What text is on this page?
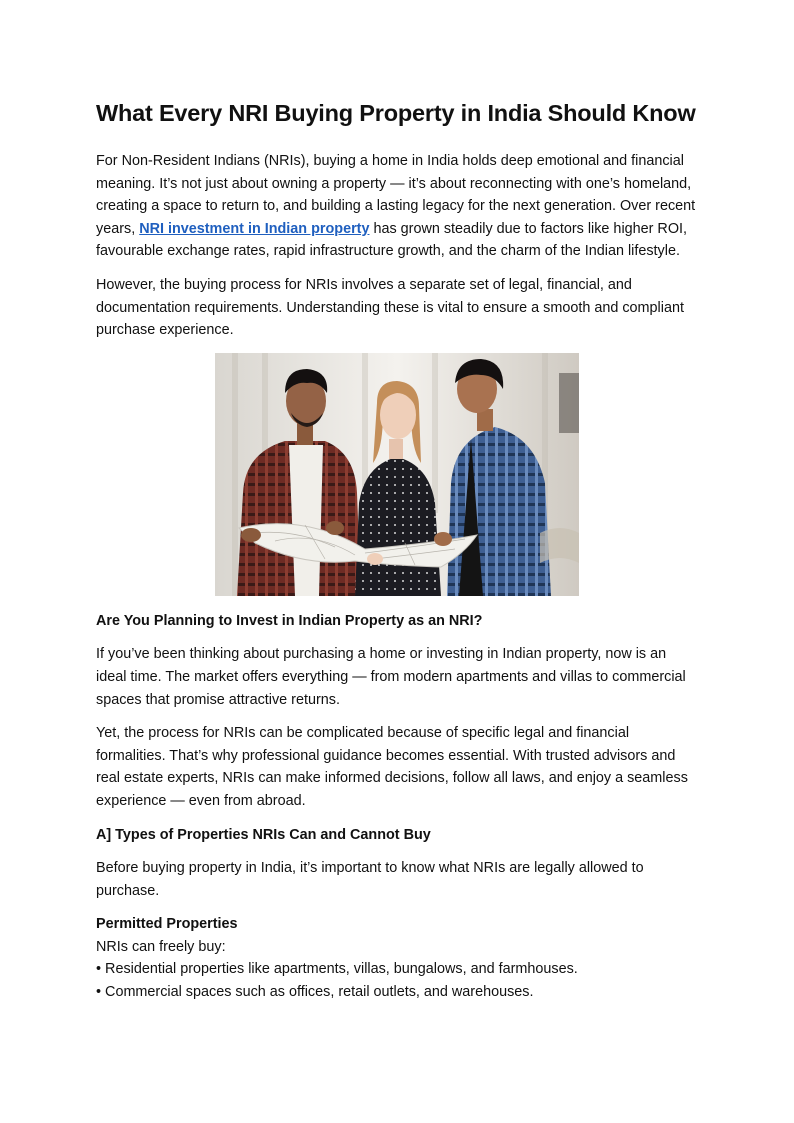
What Every NRI Buying Property in India Should Know

For Non-Resident Indians (NRIs), buying a home in India holds deep emotional and financial meaning. It’s not just about owning a property — it’s about reconnecting with one’s homeland, creating a space to return to, and building a lasting legacy for the next generation. Over recent years, NRI investment in Indian property has grown steadily due to factors like higher ROI, favourable exchange rates, rapid infrastructure growth, and the charm of the Indian lifestyle.

However, the buying process for NRIs involves a separate set of legal, financial, and documentation requirements. Understanding these is vital to ensure a smooth and compliant purchase experience.

Are You Planning to Invest in Indian Property as an NRI?

If you’ve been thinking about purchasing a home or investing in Indian property, now is an ideal time. The market offers everything — from modern apartments and villas to commercial spaces that promise attractive returns.

Yet, the process for NRIs can be complicated because of specific legal and financial formalities. That’s why professional guidance becomes essential. With trusted advisors and real estate experts, NRIs can make informed decisions, follow all laws, and enjoy a seamless experience — even from abroad.

A] Types of Properties NRIs Can and Cannot Buy

Before buying property in India, it’s important to know what NRIs are legally allowed to purchase.

Permitted Properties
NRIs can freely buy:

• Residential properties like apartments, villas, bungalows, and farmhouses.
• Commercial spaces such as offices, retail outlets, and warehouses.
